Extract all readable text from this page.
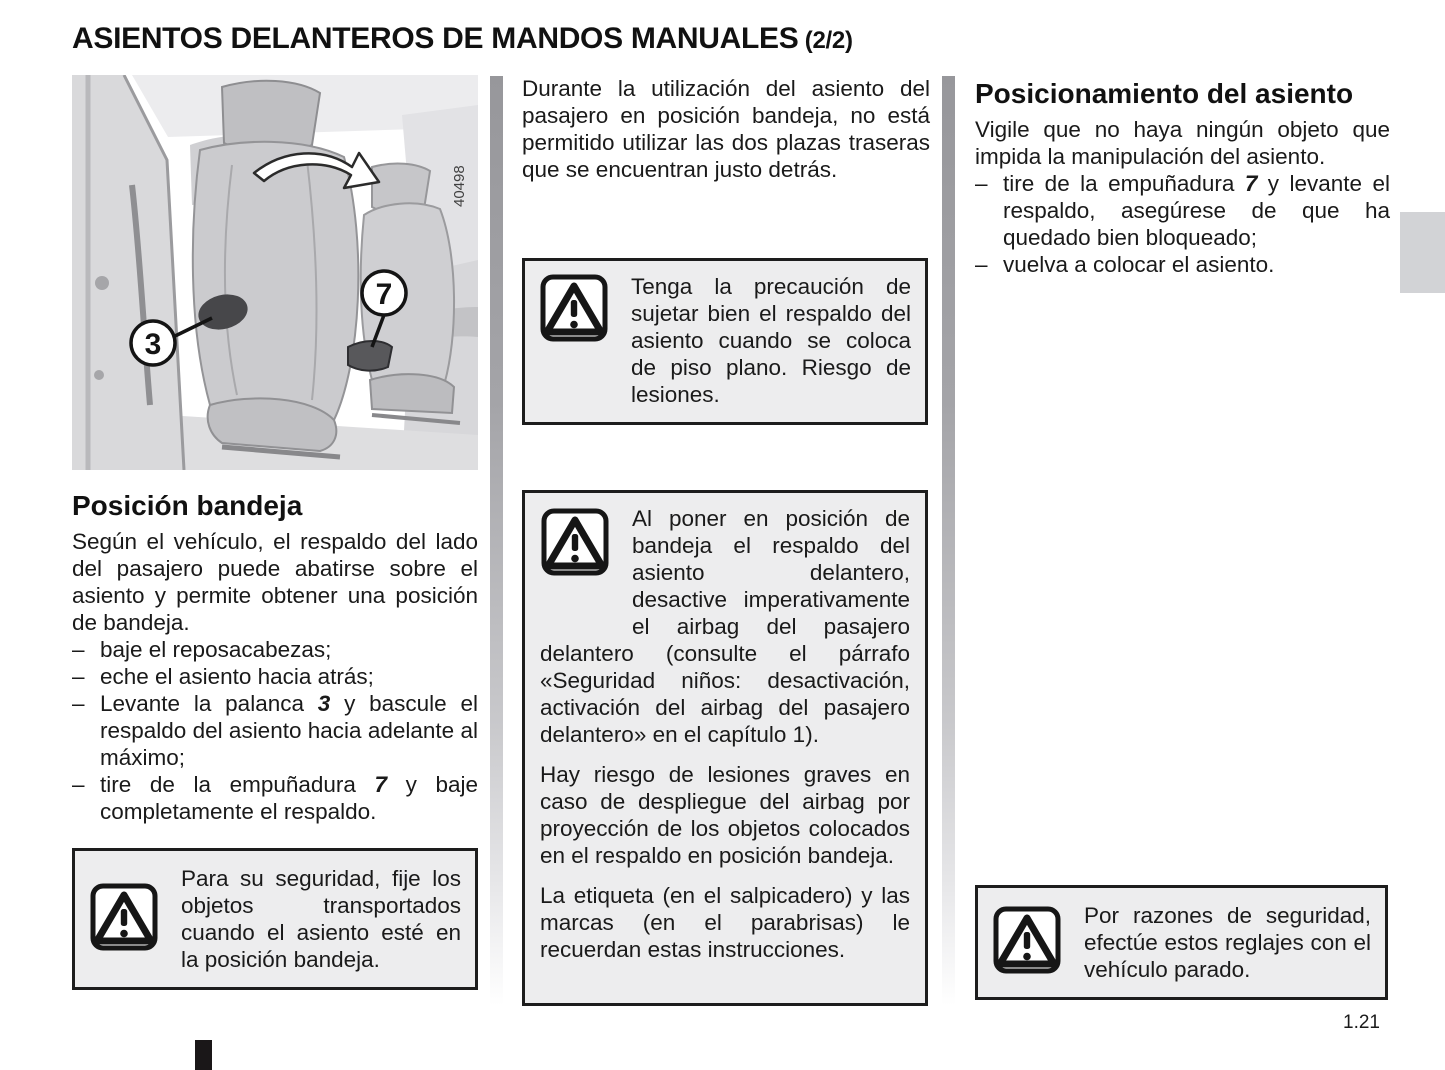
ASIENTOS DELANTEROS DE MANDOS MANUALES (2/2)
3
7
40498
Posición bandeja

Según el vehículo, el respaldo del lado del pasajero puede abatirse sobre el asiento y permite obtener una posición de bandeja.

– baje el reposacabezas;
– eche el asiento hacia atrás;
– Levante la palanca 3 y bascule el respaldo del asiento hacia adelante al máximo;
– tire de la empuñadura 7 y baje completamente el respaldo.
Para su seguridad, fije los objetos transportados cuando el asiento esté en la posición bandeja.

Durante la utilización del asiento del pasajero en posición bandeja, no está permitido utilizar las dos plazas traseras que se encuentran justo detrás.

Tenga la precaución de sujetar bien el respaldo del asiento cuando se coloca de piso plano. Riesgo de lesiones.

Al poner en posición de bandeja el respaldo del asiento delantero, desactive imperativamente el airbag del pasajero delantero (consulte el párrafo «Seguridad niños: desactivación, activación del airbag del pasajero delantero» en el capítulo 1).

Hay riesgo de lesiones graves en caso de despliegue del airbag por proyección de los objetos colocados en el respaldo en posición bandeja.

La etiqueta (en el salpicadero) y las marcas (en el parabrisas) le recuerdan estas instrucciones.

Posicionamiento del asiento

Vigile que no haya ningún objeto que impida la manipulación del asiento.

– tire de la empuñadura 7 y levante el respaldo, asegúrese de que ha quedado bien bloqueado;
– vuelva a colocar el asiento.
Por razones de seguridad, efectúe estos reglajes con el vehículo parado.
1.21
